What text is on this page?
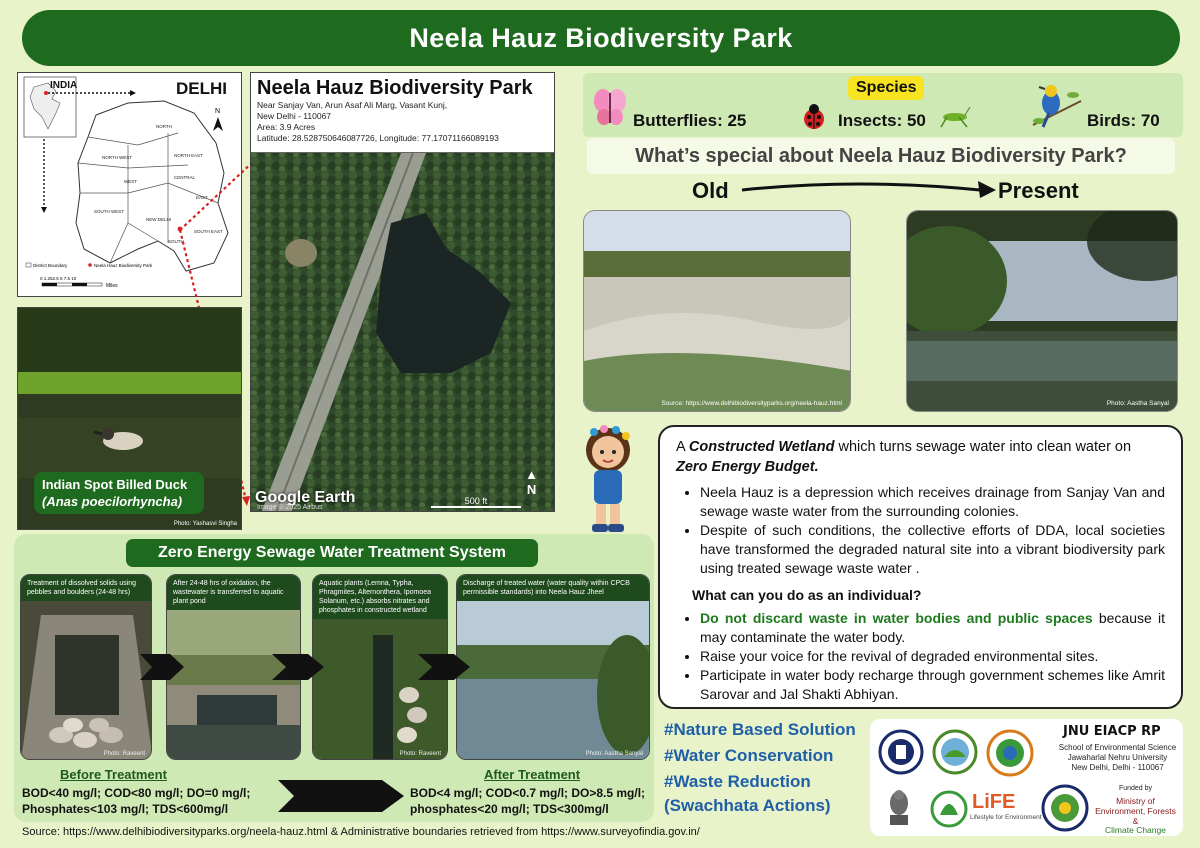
Neela Hauz Biodiversity Park
NORTH
NORTH WEST	NORTH EAST
CENTRAL
WEST
EAST
NEW DELHI
SOUTH WEST
SOUTH
SOUTH EAST
N
District Boundary	Neela Hauz Biodiversity Park
0 1.252.5 5 7.5 10
Miles
INDIA	DELHI Neela Hauz Biodiversity Park
Near Sanjay Van, Arun Asaf Ali Marg, Vasant Kunj,
New Delhi - 110067
Area: 3.9 Acres
Latitude: 28.528750646087726, Longitude: 77.17071166089193
Google Earth
Image © 2025 Airbus
500 ft
▲
N
Indian Spot Billed Duck
(Anas poecilorhyncha)
Photo: Yashasvi Singha
Species
Butterflies: 25	Insects: 50	Birds: 70
What’s special about Neela Hauz Biodiversity Park?
Old	Present
Source: https://www.delhibiodiversityparks.org/neela-hauz.html	Photo: Aastha Sanyal
A Constructed Wetland which turns sewage water into clean water on Zero Energy Budget.
• Neela Hauz is a depression which receives drainage from Sanjay Van and sewage waste water from the surrounding colonies.
• Despite of such conditions, the collective efforts of DDA, local societies have transformed the degraded natural site into a vibrant biodiversity park using treated sewage waste water .
What can you do as an individual?
• Do not discard waste in water bodies and public spaces because it may contaminate the water body.
• Raise your voice for the revival of degraded environmental sites.
• Participate in water body recharge through government schemes like Amrit Sarovar and Jal Shakti Abhiyan.
#Nature Based Solution
#Water Conservation
#Waste Reduction
(Swachhata Actions)	LiFE
Lifestyle for Environment
JNU EIACP RP
School of Environmental Science
Jawaharlal Nehru University
New Delhi, Delhi - 110067
Funded by
Ministry of
Environment, Forests
&
Climate Change
Zero Energy Sewage Water Treatment System
Treatment of dissolved solids using pebbles and boulders (24-48 hrs)
Photo: Raveent
After 24-48 hrs of oxidation, the wastewater is transferred to aquatic plant pond
Aquatic plants (Lemna, Typha, Phragmites, Alternonthera, Ipomoea Solanum, etc.) absorbs nitrates and phosphates in constructed wetland
Photo: Raveent
Discharge of treated water (water quality within CPCB permissible standards) into Neela Hauz Jheel
Photo: Aastha Sanyal
Before Treatment
BOD<40 mg/l; COD<80 mg/l; DO=0 mg/l;
Phosphates<103 mg/l; TDS<600mg/l
After Treatment
BOD<4 mg/l; COD<0.7 mg/l; DO>8.5 mg/l;
phosphates<20 mg/l; TDS<300mg/l
Source: https://www.delhibiodiversityparks.org/neela-hauz.html & Administrative boundaries retrieved from https://www.surveyofindia.gov.in/
